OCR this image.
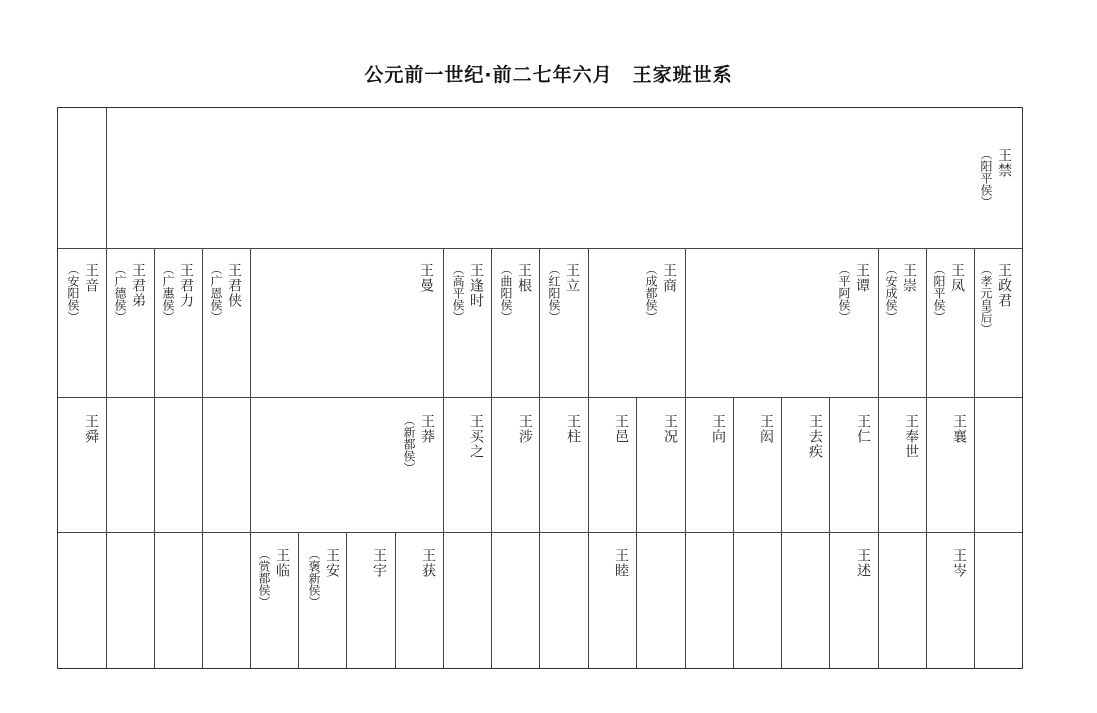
公元前一世纪·前二七年六月　王家班世系
王禁
（阳平侯）
王政君
（孝元皇后）
王凤
（阳平侯）
王崇
（安成侯）
王谭
（平阿侯）
王商
（成都侯）
王立
（红阳侯）
王根
（曲阳侯）
王逢时
（高平侯）
王曼
王君侠
（广恩侯）
王君力
（广惠侯）
王君弟
（广德侯）
王音
（安阳侯）
王襄
王奉世
王仁
王去疾
王闳
王向
王况
王邑
王柱
王涉
王买之
王莽
（新都侯）
王舜
王岑
王述
王睦
王获
王宇
王安
（褒新侯）
王临
（赏都侯）
